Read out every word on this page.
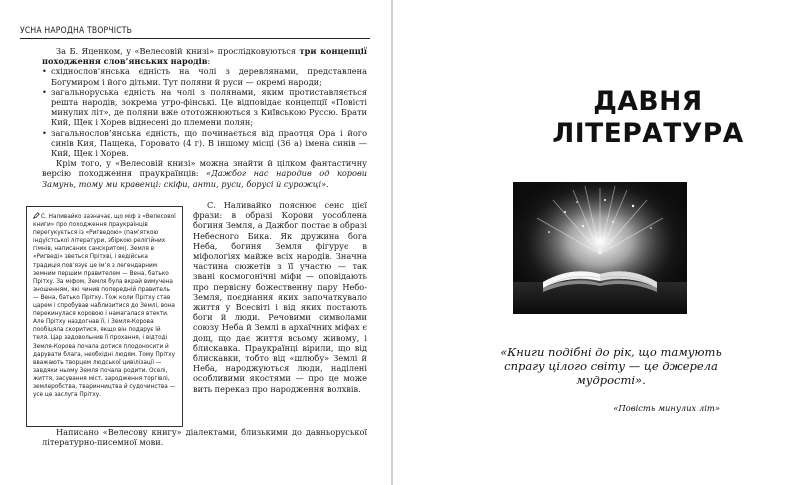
УСНА НАРОДНА ТВОРЧІСТЬ

За Б. Яценком, у «Велесовій книзі» прослідковуються три концепції походження слов’янських народів:

• східнослов’янська єдність на чолі з деревлянами, представлена Богумиром і його дітьми. Тут поляни й руси — окремі народи;
• загальноруська єдність на чолі з полянами, яким протиставляється решта народів, зокрема угро-фінські. Це відповідає концепції «Повісті минулих літ», де поляни вже ототожнюються з Київською Руссю. Брати Кий, Щек і Хорев віднесені до племени полян;
• загальнослов’янська єдність, що починається від праотця Ора і його синів Кия, Пащека, Горовато (4 г). В іншому місці (36 а) імена синів — Кий, Щек і Хорев.

Крім того, у «Велесовій книзі» можна знайти й цілком фантастичну версію походження праукраїнців: «Дажбог нас народив од корови Замунь, тому ми кравенці: скіфи, анти, руси, борусі й сурожці».

С. Наливайко зазначає, що міф з «Велесової книги» про походження праукраїнців перегукується із «Ригведою» (пам’яткою індуїстської літератури, збіркою релігійних гімнів, написаних санскритом). Земля в «Ригведі» зветься Прітхві, і ведійська традиція пов’язує це ім’я з легендарним земним першим правителем — Вена, батько Прітху. За міфом, Земля була вкрай вимучена зношенням, які чинив попередній правитель — Вена, батько Прітху. Тож коли Прітху став царем і спробував наблизитися до Землі, вона перекинулася коровою і намагалася втекти. Але Прітху наздогнав її, і Земля-Корова пообіцяла скоритися, якщо він подарує їй теля. Цар задовольнив її прохання, і відтоді Земля-Корова почала дотися плодоносити й дарувати блага, необхідні людям. Тому Прітху вважають творцем людської цивілізації — завдяки ньому Земля почала родити. Оселі, життя, засування міст, зародження торгівлі, землеробства, тваринництва й судочинства — усе це заслуга Прітху.

С. Наливайко пояснює сенс цієї фрази: в образі Корови уособлена богиня Земля, а Дажбог постає в образі Небесного Бика. Як дружина бога Неба, богиня Земля фігурує в міфологіях майже всіх народів. Значна частина сюжетів з її участю — так звані космогонічні міфи — оповідають про первісну божественну пару Небо-Земля, поєднання яких започаткувало життя у Всесвіті і від яких постають боги й люди. Речовими символами союзу Неба й Землі в архаїчних міфах є дощ, що дає життя всьому живому, і блискавка. Праукраїнці вірили, що від блискавки, тобто від «шлюбу» Землі й Неба, народжуються люди, наділені особливими якостями — про це може вить переказ про народження волхвів.

Написано «Велесову книгу» діалектами, близькими до давньоруської літературно-писемної мови.

ДАВНЯ
ЛІТЕРАТУРА
«Книги подібні до рік, що тамують спрагу цілого світу — це джерела мудрості».
«Повість минулих літ»
